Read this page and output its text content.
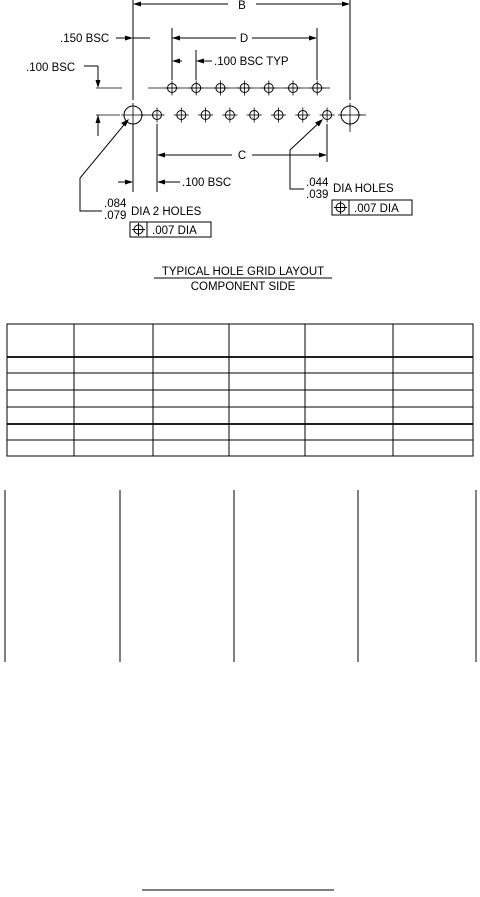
B
.150 BSC	D
.100 BSC TYP
.100 BSC
C
.100 BSC
.084
.079 DIA 2 HOLES
.007 DIA
.044
.039 DIA HOLES
.007 DIA
TYPICAL HOLE GRID LAYOUT
COMPONENT SIDE
